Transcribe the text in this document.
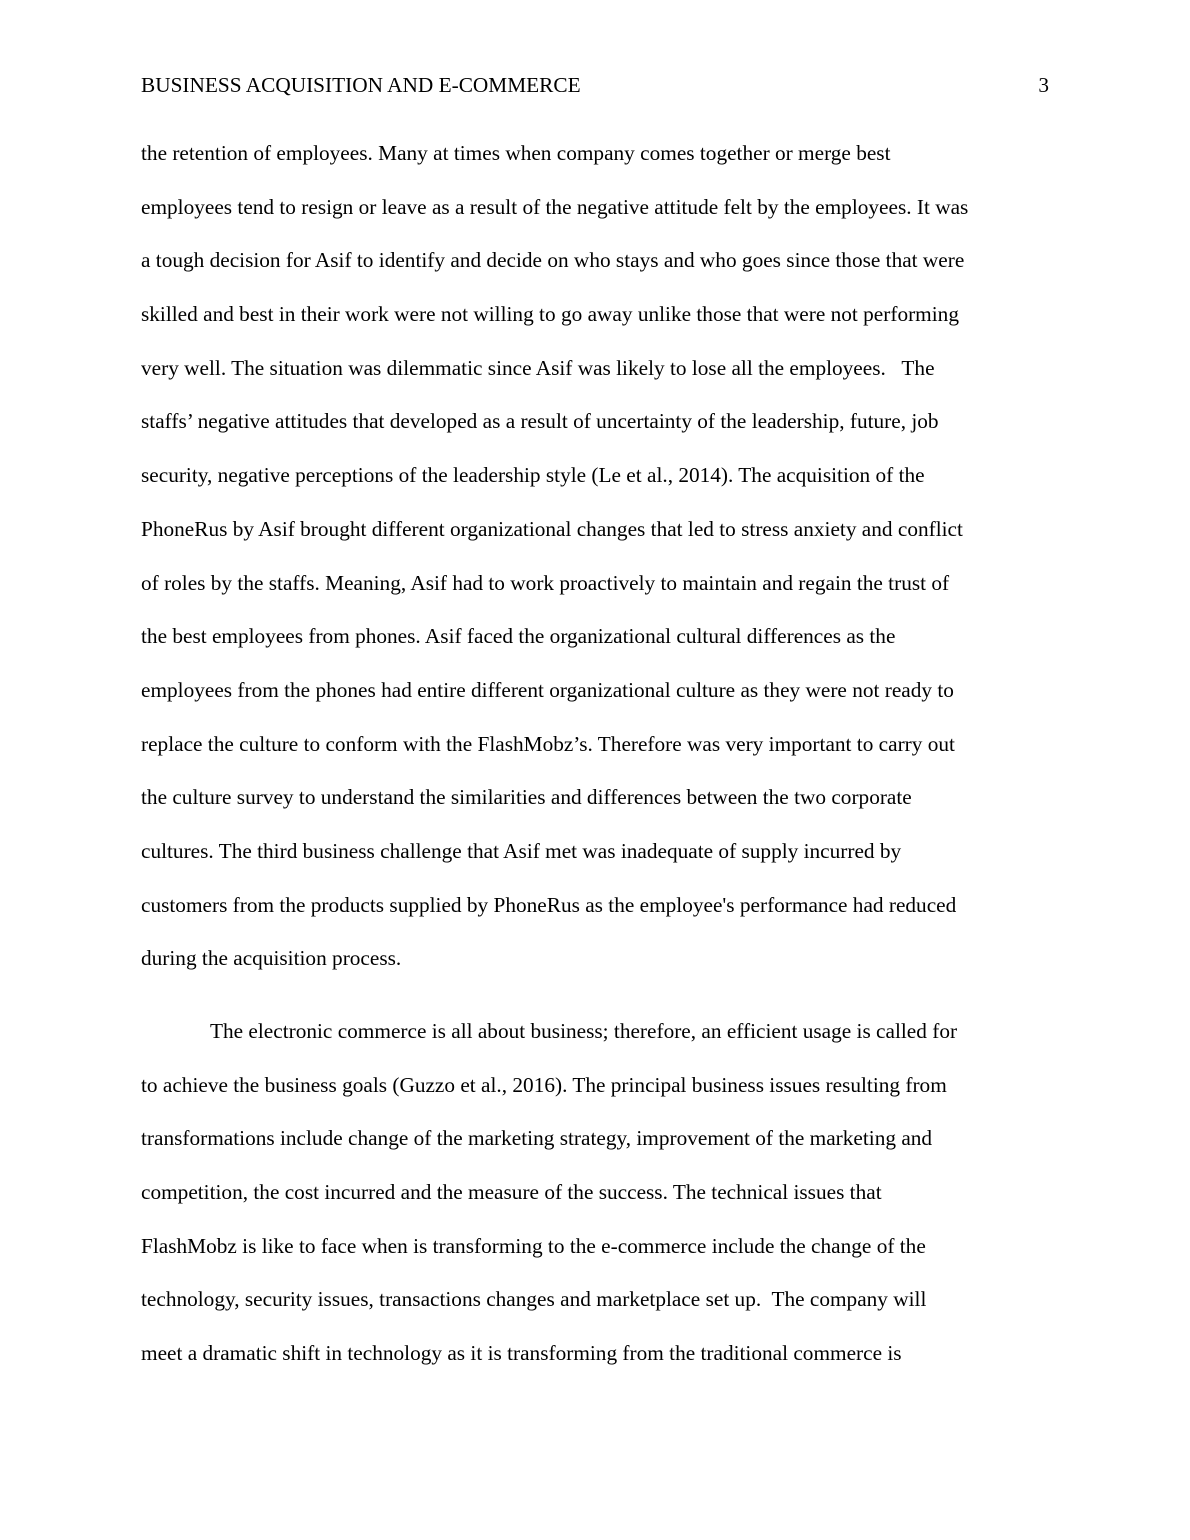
BUSINESS ACQUISITION AND E-COMMERCE	3
the retention of employees. Many at times when company comes together or merge best
employees tend to resign or leave as a result of the negative attitude felt by the employees. It was
a tough decision for Asif to identify and decide on who stays and who goes since those that were
skilled and best in their work were not willing to go away unlike those that were not performing
very well. The situation was dilemmatic since Asif was likely to lose all the employees.   The
staffs’ negative attitudes that developed as a result of uncertainty of the leadership, future, job
security, negative perceptions of the leadership style (Le et al., 2014). The acquisition of the
PhoneRus by Asif brought different organizational changes that led to stress anxiety and conflict
of roles by the staffs. Meaning, Asif had to work proactively to maintain and regain the trust of
the best employees from phones. Asif faced the organizational cultural differences as the
employees from the phones had entire different organizational culture as they were not ready to
replace the culture to conform with the FlashMobz’s. Therefore was very important to carry out
the culture survey to understand the similarities and differences between the two corporate
cultures. The third business challenge that Asif met was inadequate of supply incurred by
customers from the products supplied by PhoneRus as the employee's performance had reduced
during the acquisition process.
The electronic commerce is all about business; therefore, an efficient usage is called for
to achieve the business goals (Guzzo et al., 2016). The principal business issues resulting from
transformations include change of the marketing strategy, improvement of the marketing and
competition, the cost incurred and the measure of the success. The technical issues that
FlashMobz is like to face when is transforming to the e-commerce include the change of the
technology, security issues, transactions changes and marketplace set up.  The company will
meet a dramatic shift in technology as it is transforming from the traditional commerce is
